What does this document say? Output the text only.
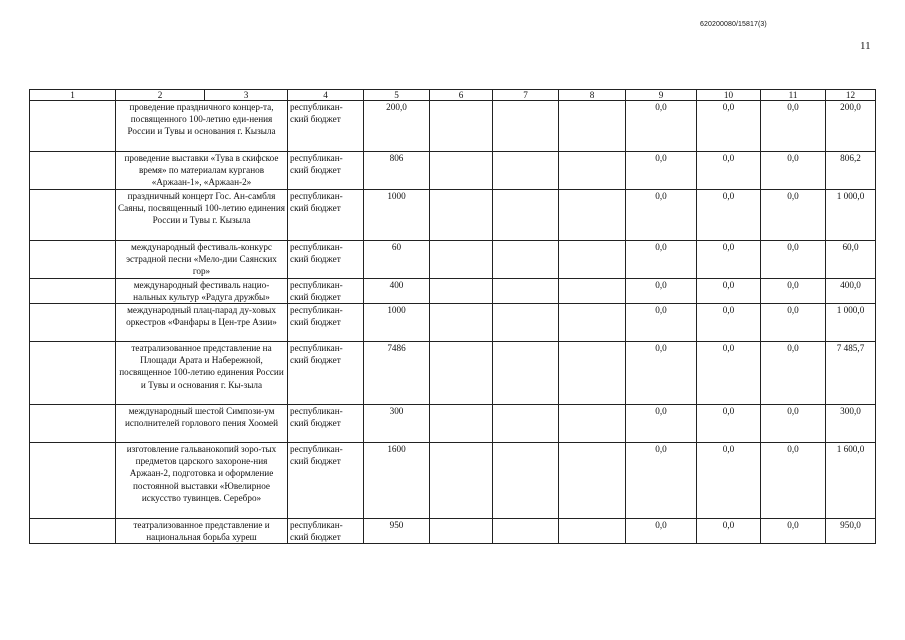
620200080/15817(3)
11
1	2	3	4	5	6	7	8	9	10	11	12
	проведение праздничного концер-та, посвященного 100-летию еди-нения России и Тувы и основания г. Кызыла		республикан-ский бюджет	200,0				0,0	0,0	0,0	200,0
	проведение выставки «Тува в скифское время» по материалам курганов «Аржаан-1», «Аржаан-2»		республикан-ский бюджет	806				0,0	0,0	0,0	806,2
	праздничный концерт Гос. Ан-самбля Саяны, посвященный 100-летию единения России и Тувы г. Кызыла		республикан-ский бюджет	1000				0,0	0,0	0,0	1 000,0
	международный фестиваль-конкурс эстрадной песни «Мело-дии Саянских гор»		республикан-ский бюджет	60				0,0	0,0	0,0	60,0
	международный фестиваль нацио-нальных культур «Радуга дружбы»		республикан-ский бюджет	400				0,0	0,0	0,0	400,0
	международный плац-парад ду-ховых оркестров «Фанфары в Цен-тре Азии»		республикан-ский бюджет	1000				0,0	0,0	0,0	1 000,0
	театрализованное представление на Площади Арата и Набережной, посвященное 100-летию единения России и Тувы и основания г. Кы-зыла		республикан-ский бюджет	7486				0,0	0,0	0,0	7 485,7
	международный шестой Симпози-ум исполнителей горлового пения Хоомей		республикан-ский бюджет	300				0,0	0,0	0,0	300,0
	изготовление гальванокопий зоро-тых предметов царского захороне-ния Аржаан-2, подготовка и оформление постоянной выставки «Ювелирное искусство тувинцев. Серебро»		республикан-ский бюджет	1600				0,0	0,0	0,0	1 600,0
	театрализованное представление и национальная борьба хуреш		республикан-ский бюджет	950				0,0	0,0	0,0	950,0
